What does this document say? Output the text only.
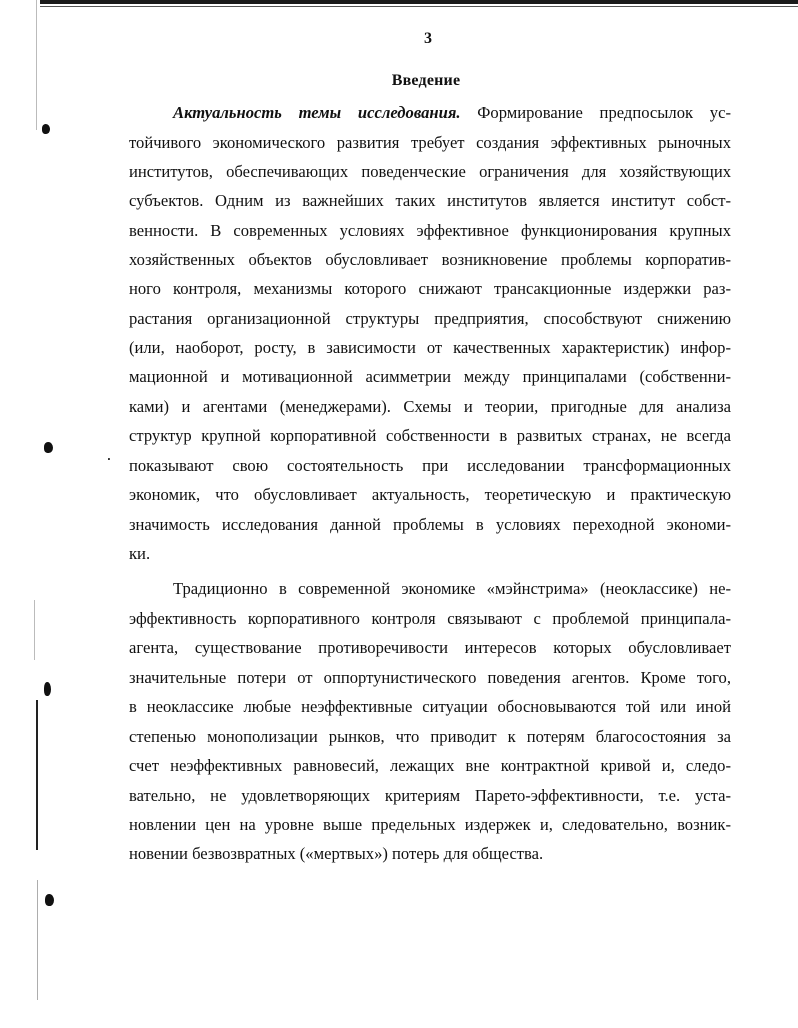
3
Введение
Актуальность темы исследования. Формирование предпосылок ус-
тойчивого экономического развития требует создания эффективных рыночных
институтов, обеспечивающих поведенческие ограничения для хозяйствующих
субъектов. Одним из важнейших таких институтов является институт собст-
венности. В современных условиях эффективное функционирования крупных
хозяйственных объектов обусловливает возникновение проблемы корпоратив-
ного контроля, механизмы которого снижают трансакционные издержки раз-
растания организационной структуры предприятия, способствуют снижению
(или, наоборот, росту, в зависимости от качественных характеристик) инфор-
мационной и мотивационной асимметрии между принципалами (собственни-
ками) и агентами (менеджерами). Схемы и теории, пригодные для анализа
структур крупной корпоративной собственности в развитых странах, не всегда
показывают свою состоятельность при исследовании трансформационных
экономик, что обусловливает актуальность, теоретическую и практическую
значимость исследования данной проблемы в условиях переходной экономи-
ки.
Традиционно в современной экономике «мэйнстрима» (неоклассике) не-
эффективность корпоративного контроля связывают с проблемой принципала-
агента, существование противоречивости интересов которых обусловливает
значительные потери от оппортунистического поведения агентов. Кроме того,
в неоклассике любые неэффективные ситуации обосновываются той или иной
степенью монополизации рынков, что приводит к потерям благосостояния за
счет неэффективных равновесий, лежащих вне контрактной кривой и, следо-
вательно, не удовлетворяющих критериям Парето-эффективности, т.е. уста-
новлении цен на уровне выше предельных издержек и, следовательно, возник-
новении безвозвратных («мертвых») потерь для общества.
